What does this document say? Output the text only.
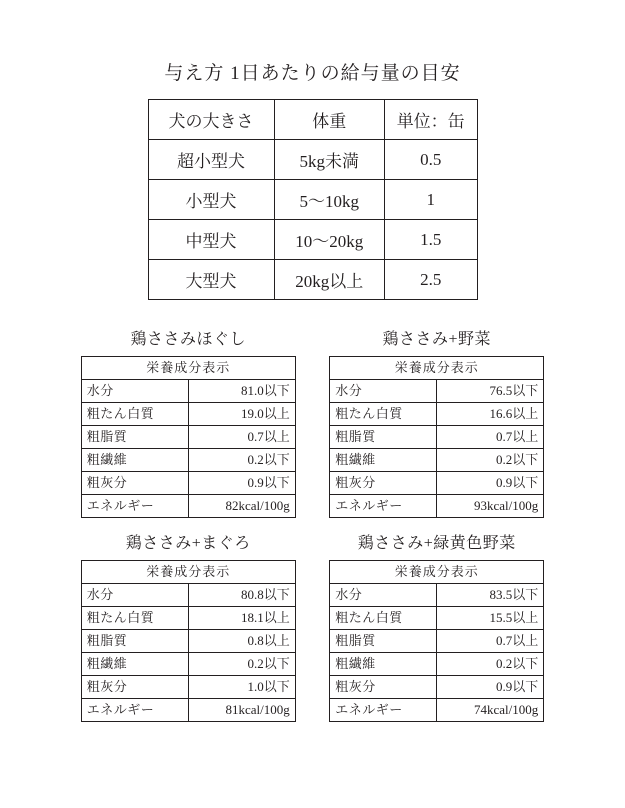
与え方 1日あたりの給与量の目安
犬の大きさ	体重	単位：缶
超小型犬	5kg未満	0.5
小型犬	5〜10kg	1
中型犬	10〜20kg	1.5
大型犬	20kg以上	2.5
鶏ささみほぐし
栄養成分表示	
水分	81.0以下
粗たん白質	19.0以上
粗脂質	0.7以上
粗繊維	0.2以下
粗灰分	0.9以下
エネルギー	82kcal/100g
鶏ささみ+野菜
栄養成分表示	
水分	76.5以下
粗たん白質	16.6以上
粗脂質	0.7以上
粗繊維	0.2以下
粗灰分	0.9以下
エネルギー	93kcal/100g
鶏ささみ+まぐろ
栄養成分表示	
水分	80.8以下
粗たん白質	18.1以上
粗脂質	0.8以上
粗繊維	0.2以下
粗灰分	1.0以下
エネルギー	81kcal/100g
鶏ささみ+緑黄色野菜
栄養成分表示	
水分	83.5以下
粗たん白質	15.5以上
粗脂質	0.7以上
粗繊維	0.2以下
粗灰分	0.9以下
エネルギー	74kcal/100g
